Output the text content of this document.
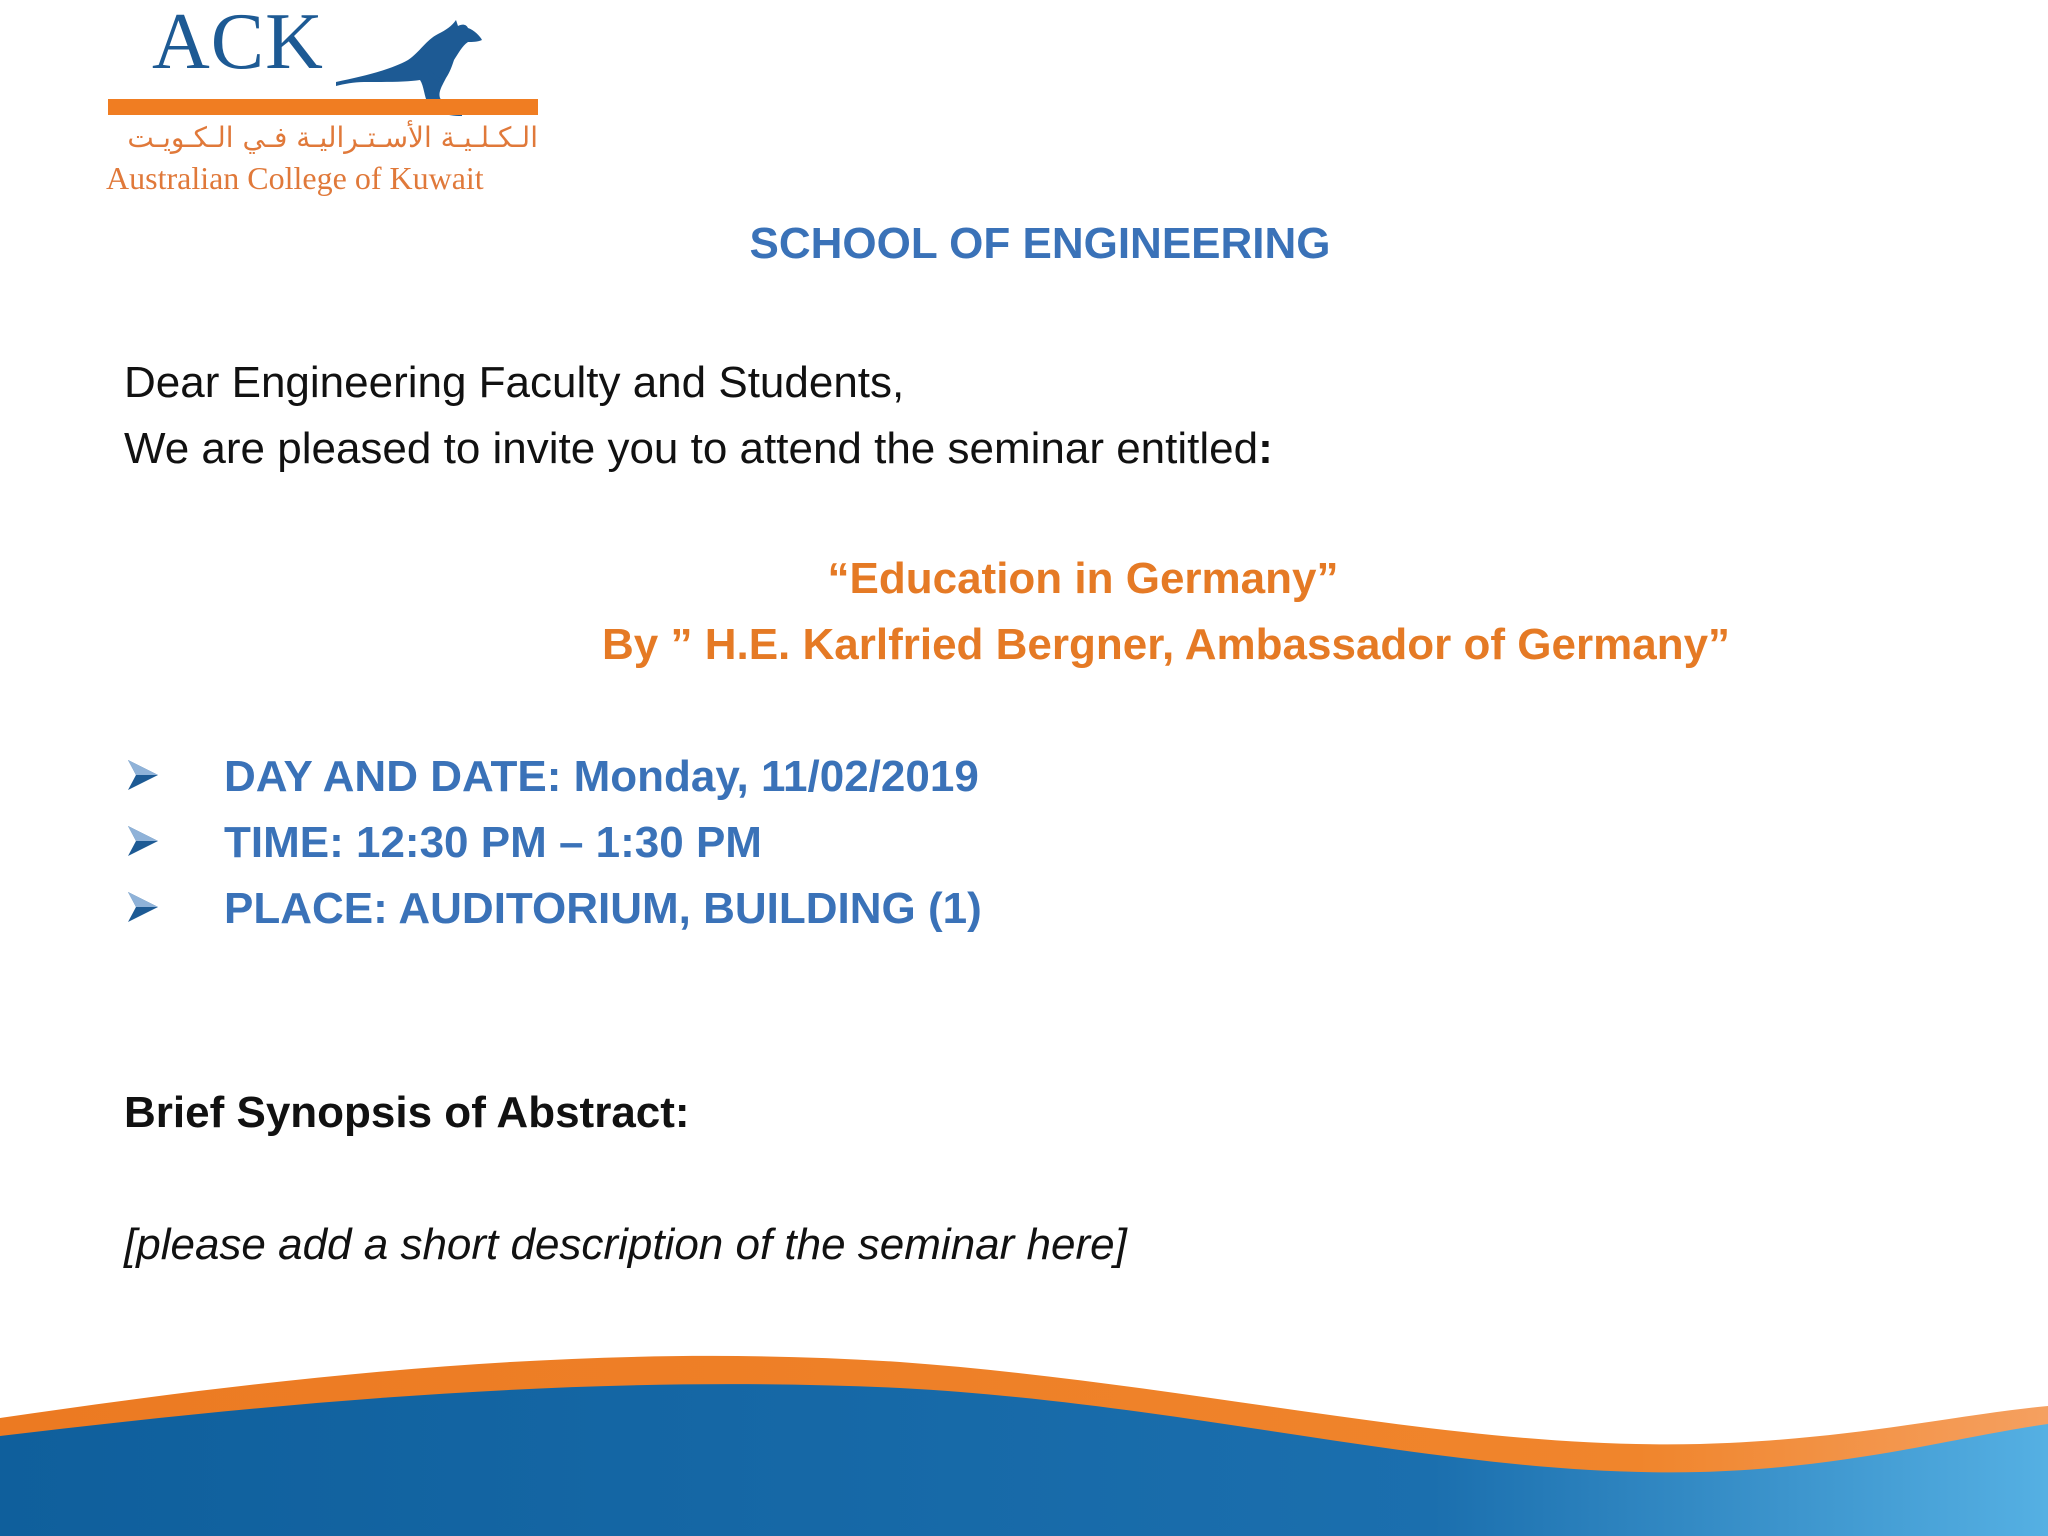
ACK
الـكـلـيـة الأسـتـراليـة فـي الـكـويـت
Australian College of Kuwait
SCHOOL OF ENGINEERING

Dear Engineering Faculty and Students,

We are pleased to invite you to attend the seminar entitled:

“Education in Germany”

By ” H.E. Karlfried Bergner, Ambassador of Germany”

DAY AND DATE: Monday, 11/02/2019
TIME: 12:30 PM – 1:30 PM
PLACE: AUDITORIUM, BUILDING (1)

Brief Synopsis of Abstract:

[please add a short description of the seminar here]
